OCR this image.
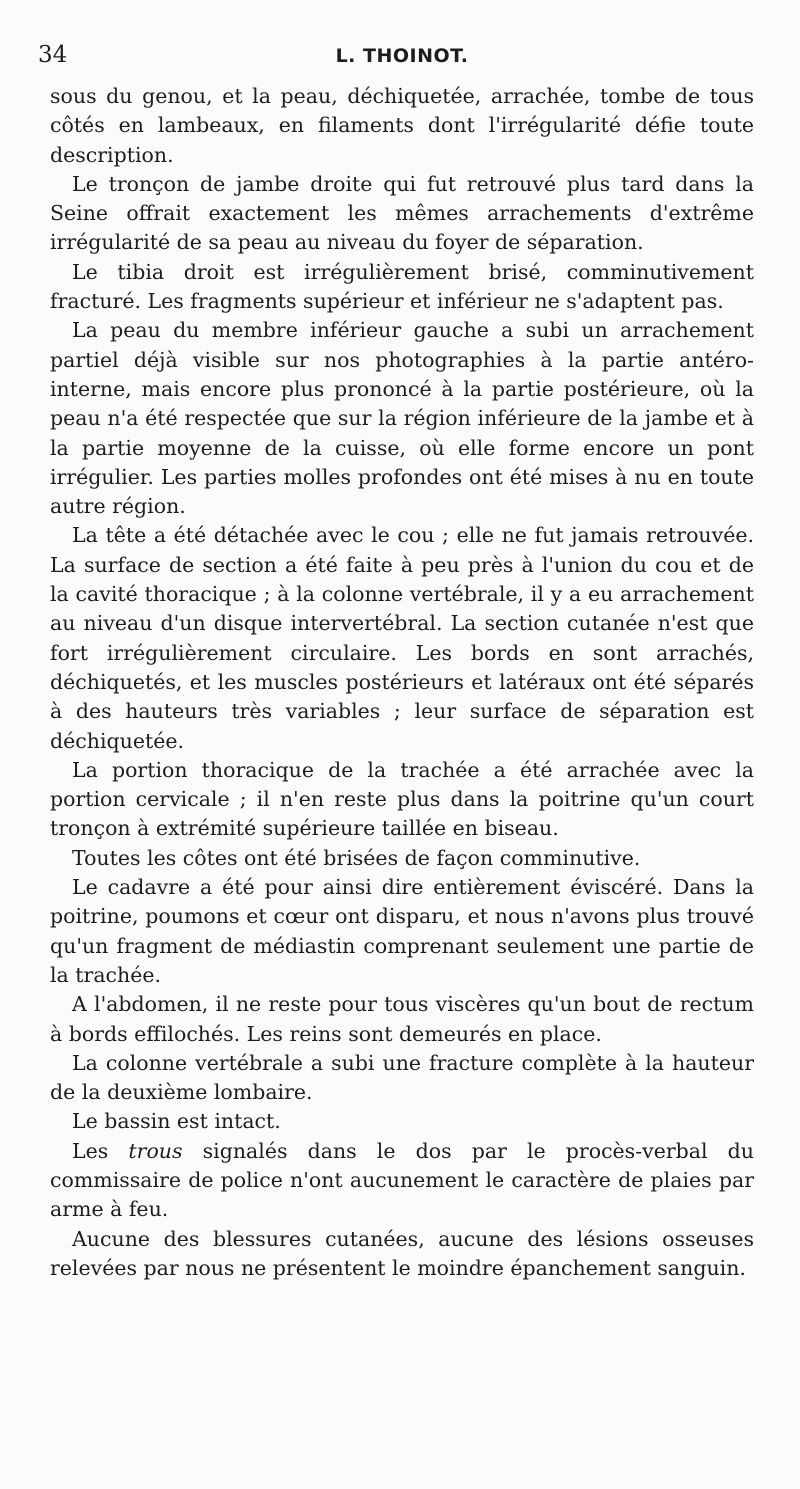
34	L. THOINOT.

sous du genou, et la peau, déchiquetée, arrachée, tombe de tous côtés en lambeaux, en filaments dont l'irrégularité défie toute description.

Le tronçon de jambe droite qui fut retrouvé plus tard dans la Seine offrait exactement les mêmes arrachements d'extrême irrégularité de sa peau au niveau du foyer de séparation.

Le tibia droit est irrégulièrement brisé, comminutivement fracturé. Les fragments supérieur et inférieur ne s'adaptent pas.

La peau du membre inférieur gauche a subi un arrachement partiel déjà visible sur nos photographies à la partie antéro-interne, mais encore plus prononcé à la partie postérieure, où la peau n'a été respectée que sur la région inférieure de la jambe et à la partie moyenne de la cuisse, où elle forme encore un pont irrégulier. Les parties molles profondes ont été mises à nu en toute autre région.

La tête a été détachée avec le cou ; elle ne fut jamais retrouvée. La surface de section a été faite à peu près à l'union du cou et de la cavité thoracique ; à la colonne vertébrale, il y a eu arrachement au niveau d'un disque intervertébral. La section cutanée n'est que fort irrégulièrement circulaire. Les bords en sont arrachés, déchiquetés, et les muscles postérieurs et latéraux ont été séparés à des hauteurs très variables ; leur surface de séparation est déchiquetée.

La portion thoracique de la trachée a été arrachée avec la portion cervicale ; il n'en reste plus dans la poitrine qu'un court tronçon à extrémité supérieure taillée en biseau.

Toutes les côtes ont été brisées de façon comminutive.

Le cadavre a été pour ainsi dire entièrement éviscéré. Dans la poitrine, poumons et cœur ont disparu, et nous n'avons plus trouvé qu'un fragment de médiastin comprenant seulement une partie de la trachée.

A l'abdomen, il ne reste pour tous viscères qu'un bout de rectum à bords effilochés. Les reins sont demeurés en place.

La colonne vertébrale a subi une fracture complète à la hauteur de la deuxième lombaire.

Le bassin est intact.

Les trous signalés dans le dos par le procès-verbal du commissaire de police n'ont aucunement le caractère de plaies par arme à feu.

Aucune des blessures cutanées, aucune des lésions osseuses relevées par nous ne présentent le moindre épanchement sanguin.
